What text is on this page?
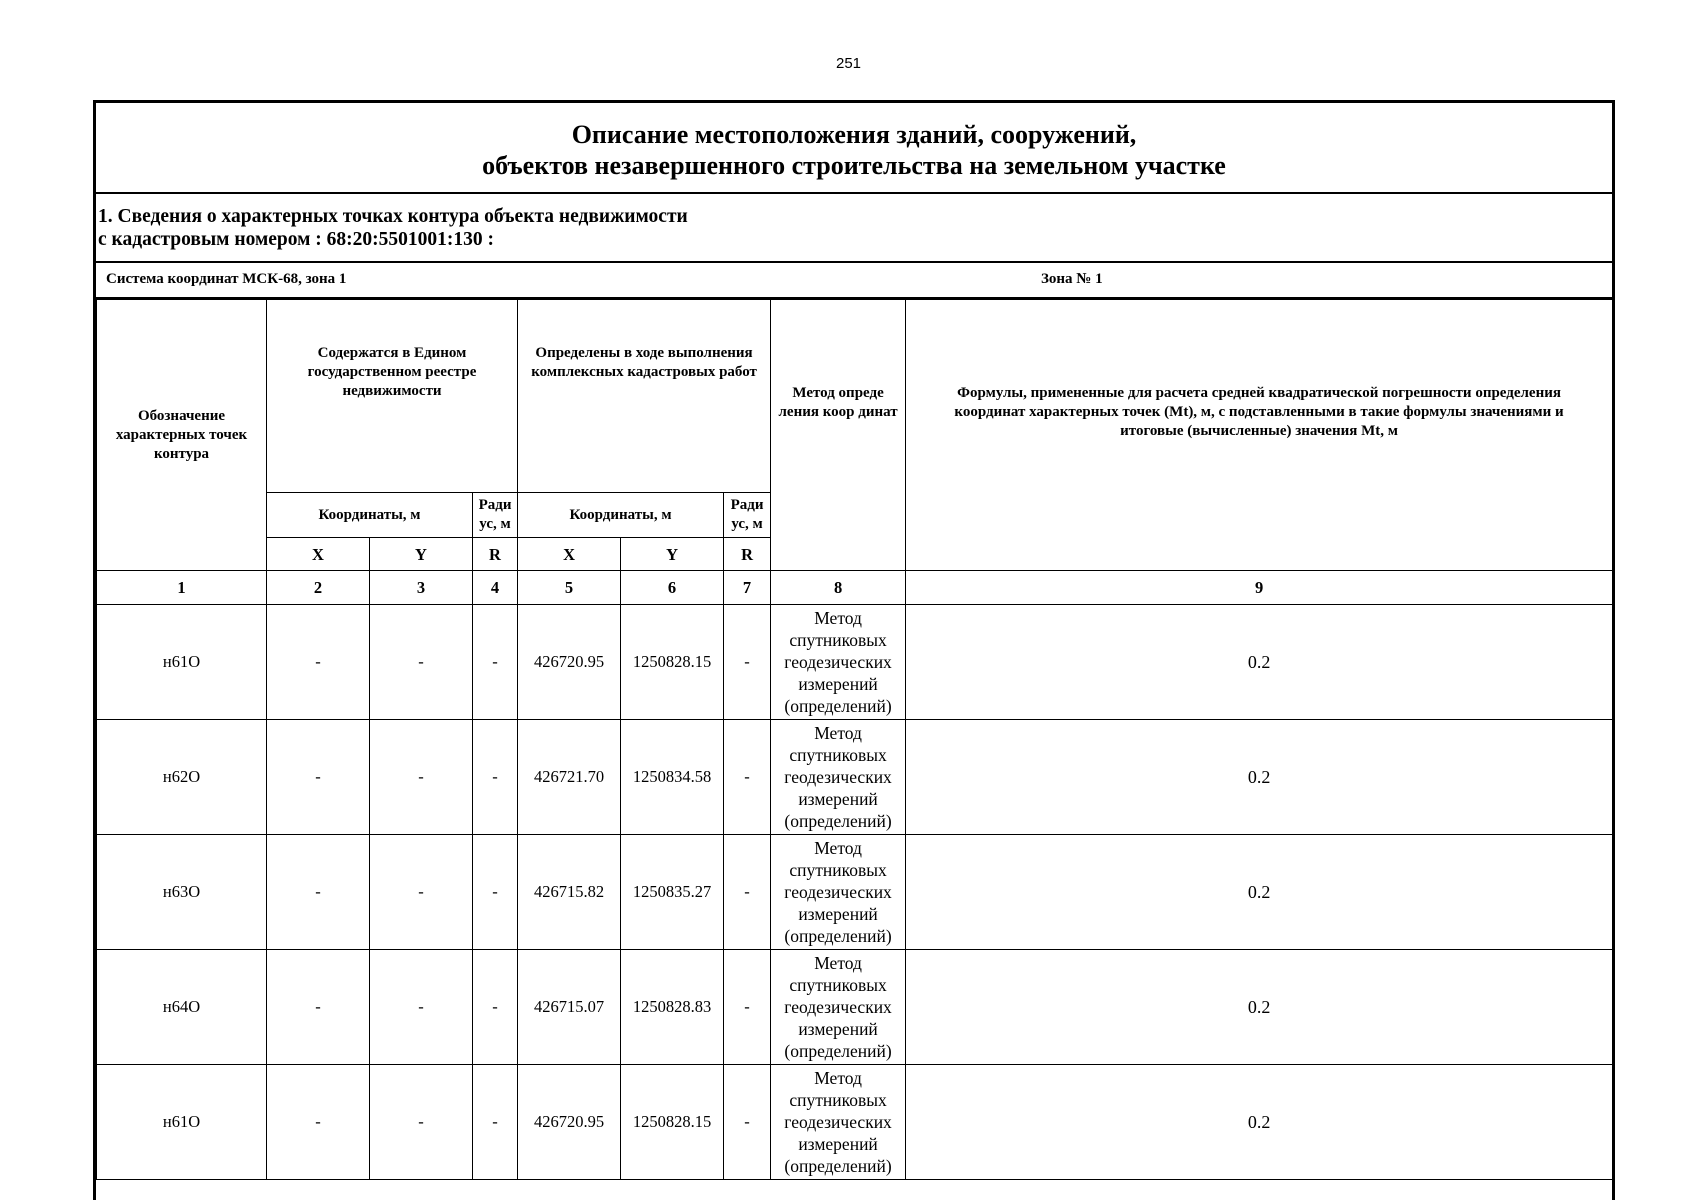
251
Описание местоположения зданий, сооружений,
объектов незавершенного строительства на земельном участке
1. Сведения о характерных точках контура объекта недвижимости
с кадастровым номером : 68:20:5501001:130 :
Система координат МСК-68, зона 1	Зона № 1
Обозначение характерных точек контура	Содержатся в Едином государственном реестре недвижимости			Определены в ходе выполнения комплексных кадастровых работ			Метод опреде ления коор динат	Формулы, примененные для расчета средней квадратической погрешности определения координат характерных точек (Mt), м, с подставленными в такие формулы значениями и итоговые (вычисленные) значения Mt, м
	Координаты, м		Ради ус, м	Координаты, м		Ради ус, м		
	X	Y	R	X	Y	R		
1	2	3	4	5	6	7	8	9
н61О	-	-	-	426720.95	1250828.15	-	Метод спутниковых геодезических измерений (определений)	0.2
н62О	-	-	-	426721.70	1250834.58	-	Метод спутниковых геодезических измерений (определений)	0.2
н63О	-	-	-	426715.82	1250835.27	-	Метод спутниковых геодезических измерений (определений)	0.2
н64О	-	-	-	426715.07	1250828.83	-	Метод спутниковых геодезических измерений (определений)	0.2
н61О	-	-	-	426720.95	1250828.15	-	Метод спутниковых геодезических измерений (определений)	0.2
